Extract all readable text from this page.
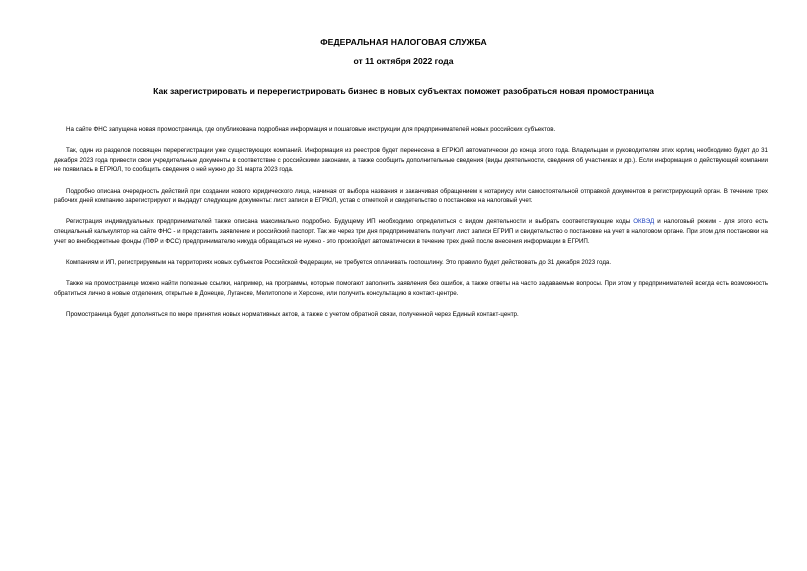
ФЕДЕРАЛЬНАЯ НАЛОГОВАЯ СЛУЖБА
от 11 октября 2022 года
Как зарегистрировать и перерегистрировать бизнес в новых субъектах поможет разобраться новая промостраница

На сайте ФНС запущена новая промостраница, где опубликована подробная информация и пошаговые инструкции для предпринимателей новых российских субъектов.

Так, один из разделов посвящен перерегистрации уже существующих компаний. Информация из реестров будет перенесена в ЕГРЮЛ автоматически до конца этого года. Владельцам и руководителям этих юрлиц необходимо будет до 31 декабря 2023 года привести свои учредительные документы в соответствие с российскими законами, а также сообщить дополнительные сведения (виды деятельности, сведения об участниках и др.). Если информация о действующей компании не появилась в ЕГРЮЛ, то сообщить сведения о ней нужно до 31 марта 2023 года.

Подробно описана очередность действий при создании нового юридического лица, начиная от выбора названия и заканчивая обращением к нотариусу или самостоятельной отправкой документов в регистрирующий орган. В течение трех рабочих дней компанию зарегистрируют и выдадут следующие документы: лист записи в ЕГРЮЛ, устав с отметкой и свидетельство о постановке на налоговый учет.

Регистрация индивидуальных предпринимателей также описана максимально подробно. Будущему ИП необходимо определиться с видом деятельности и выбрать соответствующие коды ОКВЭД и налоговый режим - для этого есть специальный калькулятор на сайте ФНС - и представить заявление и российский паспорт. Так же через три дня предприниматель получит лист записи ЕГРИП и свидетельство о постановке на учет в налоговом органе. При этом для постановки на учет во внебюджетные фонды (ПФР и ФСС) предпринимателю никуда обращаться не нужно - это произойдет автоматически в течение трех дней после внесения информации в ЕГРИП.

Компаниям и ИП, регистрируемым на территориях новых субъектов Российской Федерации, не требуется оплачивать госпошлину. Это правило будет действовать до 31 декабря 2023 года.

Также на промостранице можно найти полезные ссылки, например, на программы, которые помогают заполнить заявления без ошибок, а также ответы на часто задаваемые вопросы. При этом у предпринимателей всегда есть возможность обратиться лично в новые отделения, открытые в Донецке, Луганске, Мелитополе и Херсоне, или получить консультацию в контакт-центре.

Промостраница будет дополняться по мере принятия новых нормативных актов, а также с учетом обратной связи, полученной через Единый контакт-центр.
